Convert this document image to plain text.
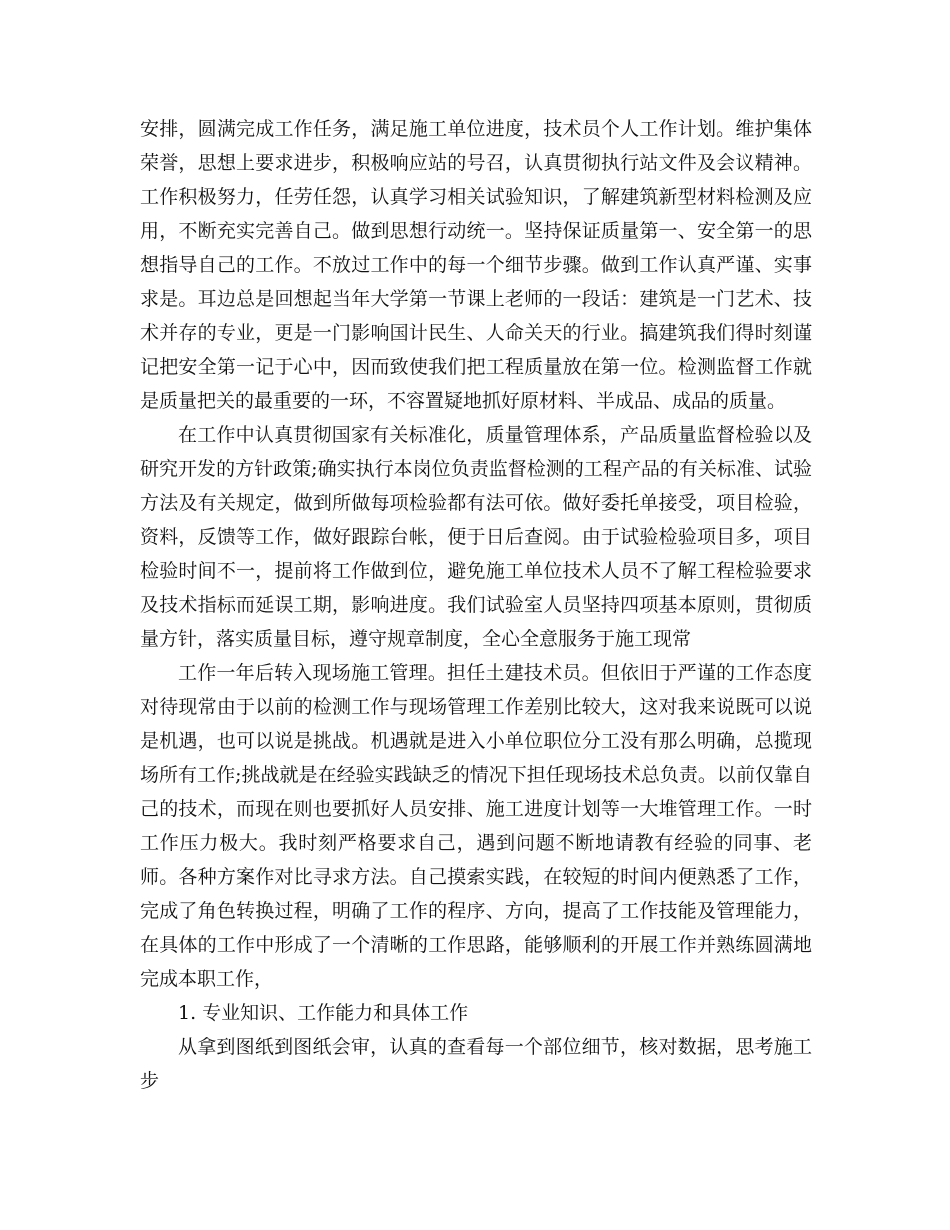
安排，圆满完成工作任务，满足施工单位进度，技术员个人工作计划。维护集体荣誉，思想上要求进步，积极响应站的号召，认真贯彻执行站文件及会议精神。工作积极努力，任劳任怨，认真学习相关试验知识，了解建筑新型材料检测及应用，不断充实完善自己。做到思想行动统一。坚持保证质量第一、安全第一的思想指导自己的工作。不放过工作中的每一个细节步骤。做到工作认真严谨、实事求是。耳边总是回想起当年大学第一节课上老师的一段话：建筑是一门艺术、技术并存的专业，更是一门影响国计民生、人命关天的行业。搞建筑我们得时刻谨记把安全第一记于心中，因而致使我们把工程质量放在第一位。检测监督工作就是质量把关的最重要的一环，不容置疑地抓好原材料、半成品、成品的质量。

在工作中认真贯彻国家有关标准化，质量管理体系，产品质量监督检验以及研究开发的方针政策;确实执行本岗位负责监督检测的工程产品的有关标准、试验方法及有关规定，做到所做每项检验都有法可依。做好委托单接受，项目检验，资料，反馈等工作，做好跟踪台帐，便于日后查阅。由于试验检验项目多，项目检验时间不一，提前将工作做到位，避免施工单位技术人员不了解工程检验要求及技术指标而延误工期，影响进度。我们试验室人员坚持四项基本原则，贯彻质量方针，落实质量目标，遵守规章制度，全心全意服务于施工现常

工作一年后转入现场施工管理。担任土建技术员。但依旧于严谨的工作态度对待现常由于以前的检测工作与现场管理工作差别比较大，这对我来说既可以说是机遇，也可以说是挑战。机遇就是进入小单位职位分工没有那么明确，总揽现场所有工作;挑战就是在经验实践缺乏的情况下担任现场技术总负责。以前仅靠自己的技术，而现在则也要抓好人员安排、施工进度计划等一大堆管理工作。一时工作压力极大。我时刻严格要求自己，遇到问题不断地请教有经验的同事、老师。各种方案作对比寻求方法。自己摸索实践，在较短的时间内便熟悉了工作，完成了角色转换过程，明确了工作的程序、方向，提高了工作技能及管理能力，在具体的工作中形成了一个清晰的工作思路，能够顺利的开展工作并熟练圆满地完成本职工作，

1. 专业知识、工作能力和具体工作

从拿到图纸到图纸会审，认真的查看每一个部位细节，核对数据，思考施工步
